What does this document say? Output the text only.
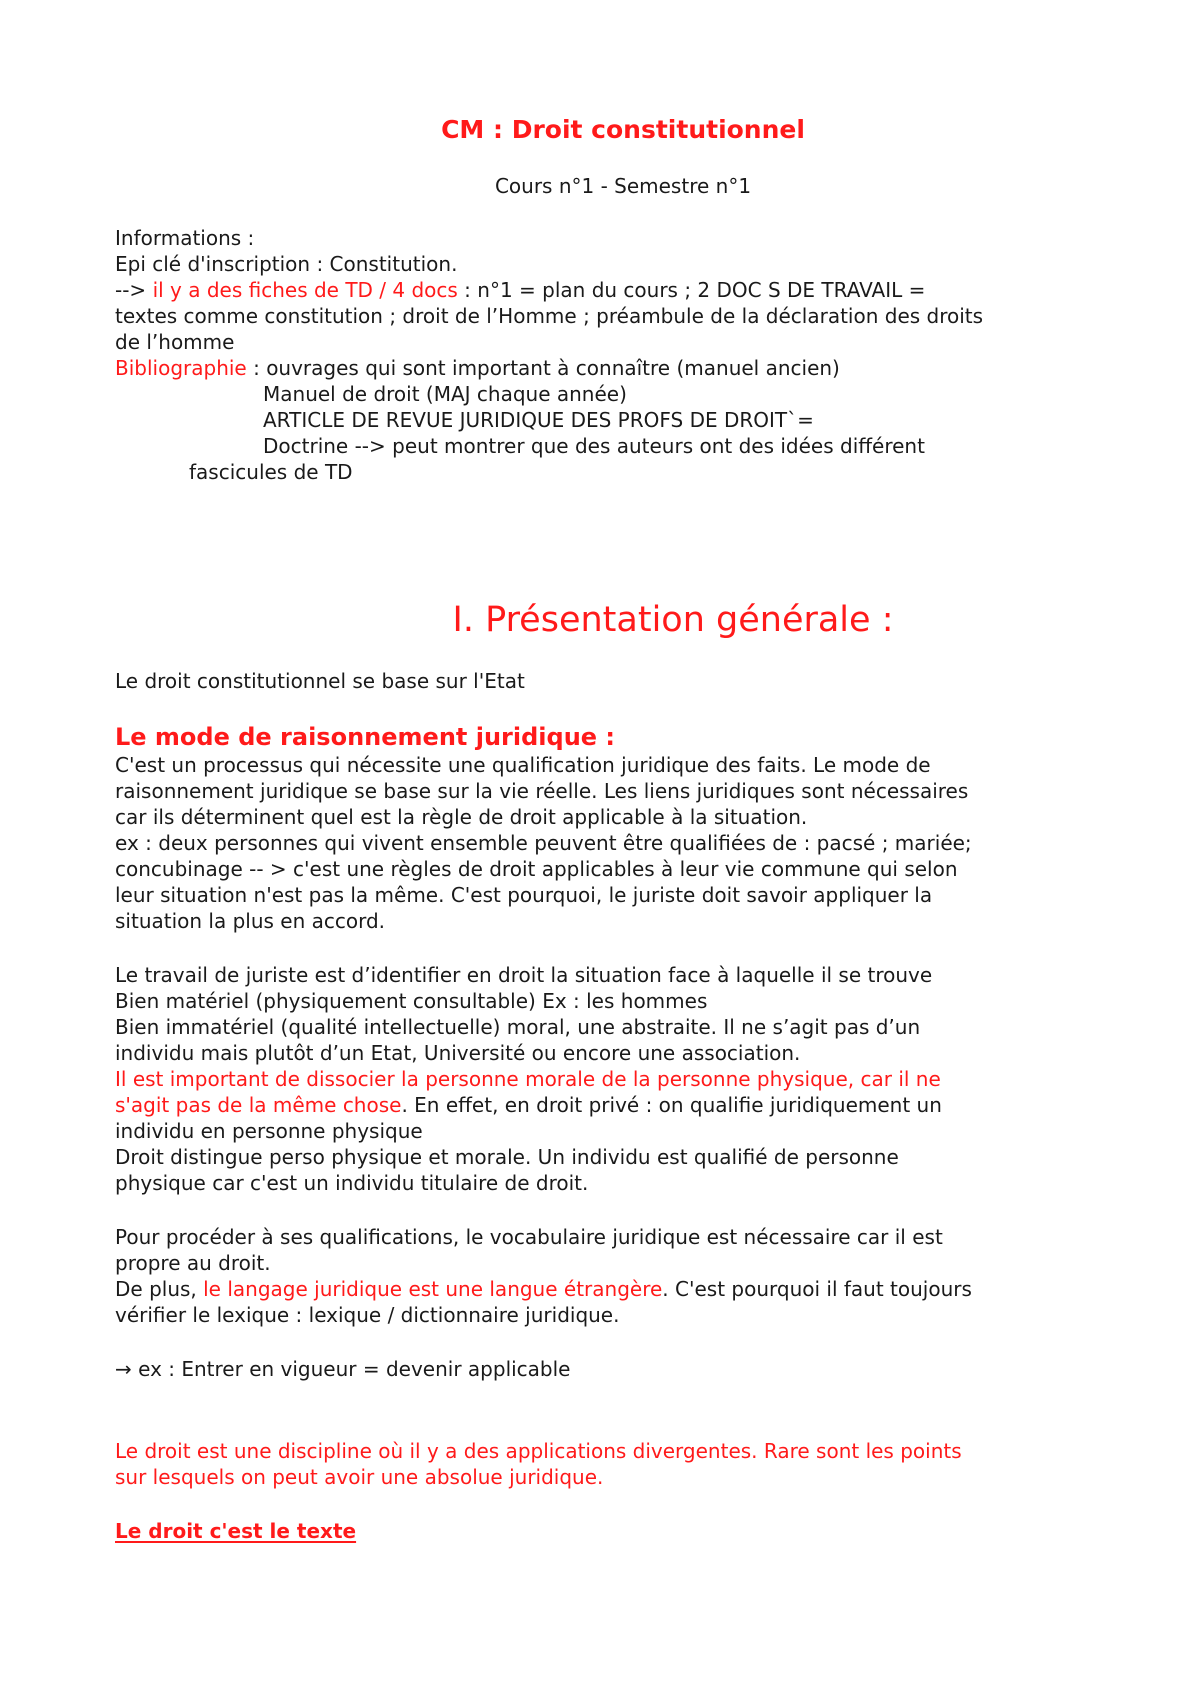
CM : Droit constitutionnel
Cours n°1 - Semestre n°1
Informations :
Epi clé d'inscription : Constitution.
--> il y a des fiches de TD / 4 docs : n°1 = plan du cours ; 2 DOC S DE TRAVAIL =
textes comme constitution ; droit de l’Homme ; préambule de la déclaration des droits
de l’homme
Bibliographie : ouvrages qui sont important à connaître (manuel ancien)
Manuel de droit (MAJ chaque année)
ARTICLE DE REVUE JURIDIQUE DES PROFS DE DROIT`=
Doctrine --> peut montrer que des auteurs ont des idées différent
fascicules de TD
I. Présentation générale :
Le droit constitutionnel se base sur l'Etat
Le mode de raisonnement juridique :
C'est un processus qui nécessite une qualification juridique des faits. Le mode de
raisonnement juridique se base sur la vie réelle. Les liens juridiques sont nécessaires
car ils déterminent quel est la règle de droit applicable à la situation.
ex : deux personnes qui vivent ensemble peuvent être qualifiées de : pacsé ; mariée;
concubinage -- > c'est une règles de droit applicables à leur vie commune qui selon
leur situation n'est pas la même. C'est pourquoi, le juriste doit savoir appliquer la
situation la plus en accord.
Le travail de juriste est d’identifier en droit la situation face à laquelle il se trouve
Bien matériel (physiquement consultable) Ex : les hommes
Bien immatériel (qualité intellectuelle) moral, une abstraite. Il ne s’agit pas d’un
individu mais plutôt d’un Etat, Université ou encore une association.
Il est important de dissocier la personne morale de la personne physique, car il ne
s'agit pas de la même chose. En effet, en droit privé : on qualifie juridiquement un
individu en personne physique
Droit distingue perso physique et morale. Un individu est qualifié de personne
physique car c'est un individu titulaire de droit.
Pour procéder à ses qualifications, le vocabulaire juridique est nécessaire car il est
propre au droit.
De plus, le langage juridique est une langue étrangère. C'est pourquoi il faut toujours
vérifier le lexique : lexique / dictionnaire juridique.
→ ex : Entrer en vigueur = devenir applicable
Le droit est une discipline où il y a des applications divergentes. Rare sont les points
sur lesquels on peut avoir une absolue juridique.
Le droit c'est le texte
